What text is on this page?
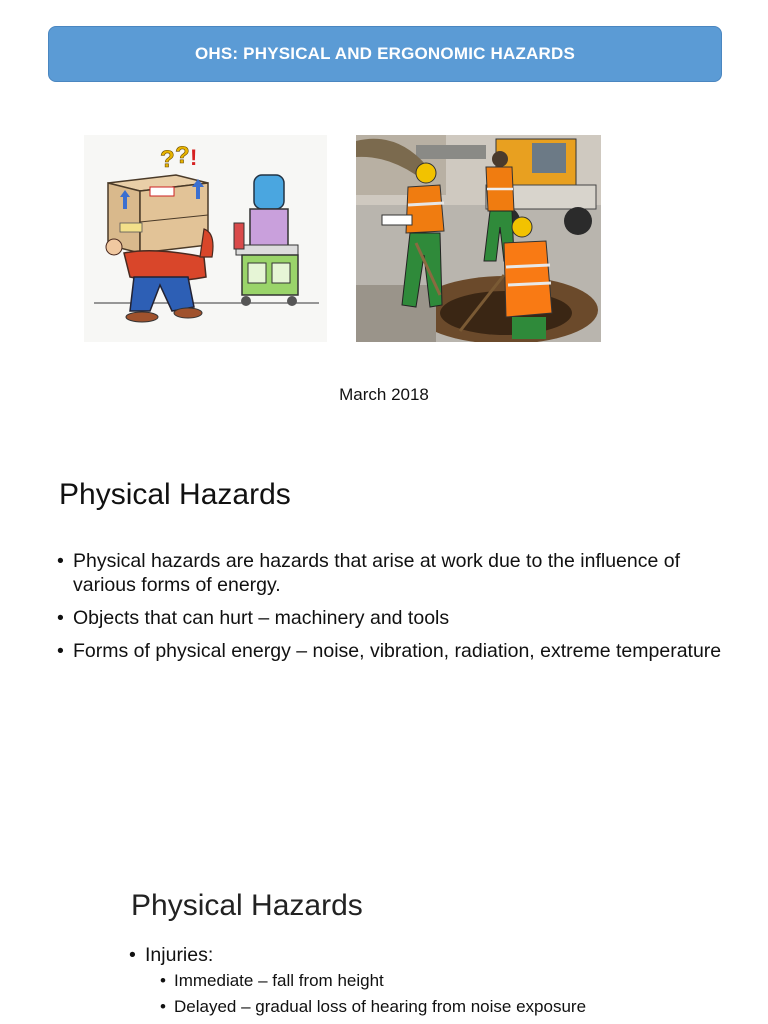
OHS: PHYSICAL AND ERGONOMIC HAZARDS
? ? !
March 2018
Physical Hazards
• Physical hazards are hazards that arise at work due to the influence of various forms of energy.
• Objects that can hurt – machinery and tools
• Forms of physical energy – noise, vibration, radiation, extreme temperature
Physical Hazards
• Injuries:
• Immediate – fall from height
• Delayed – gradual loss of hearing from noise exposure
